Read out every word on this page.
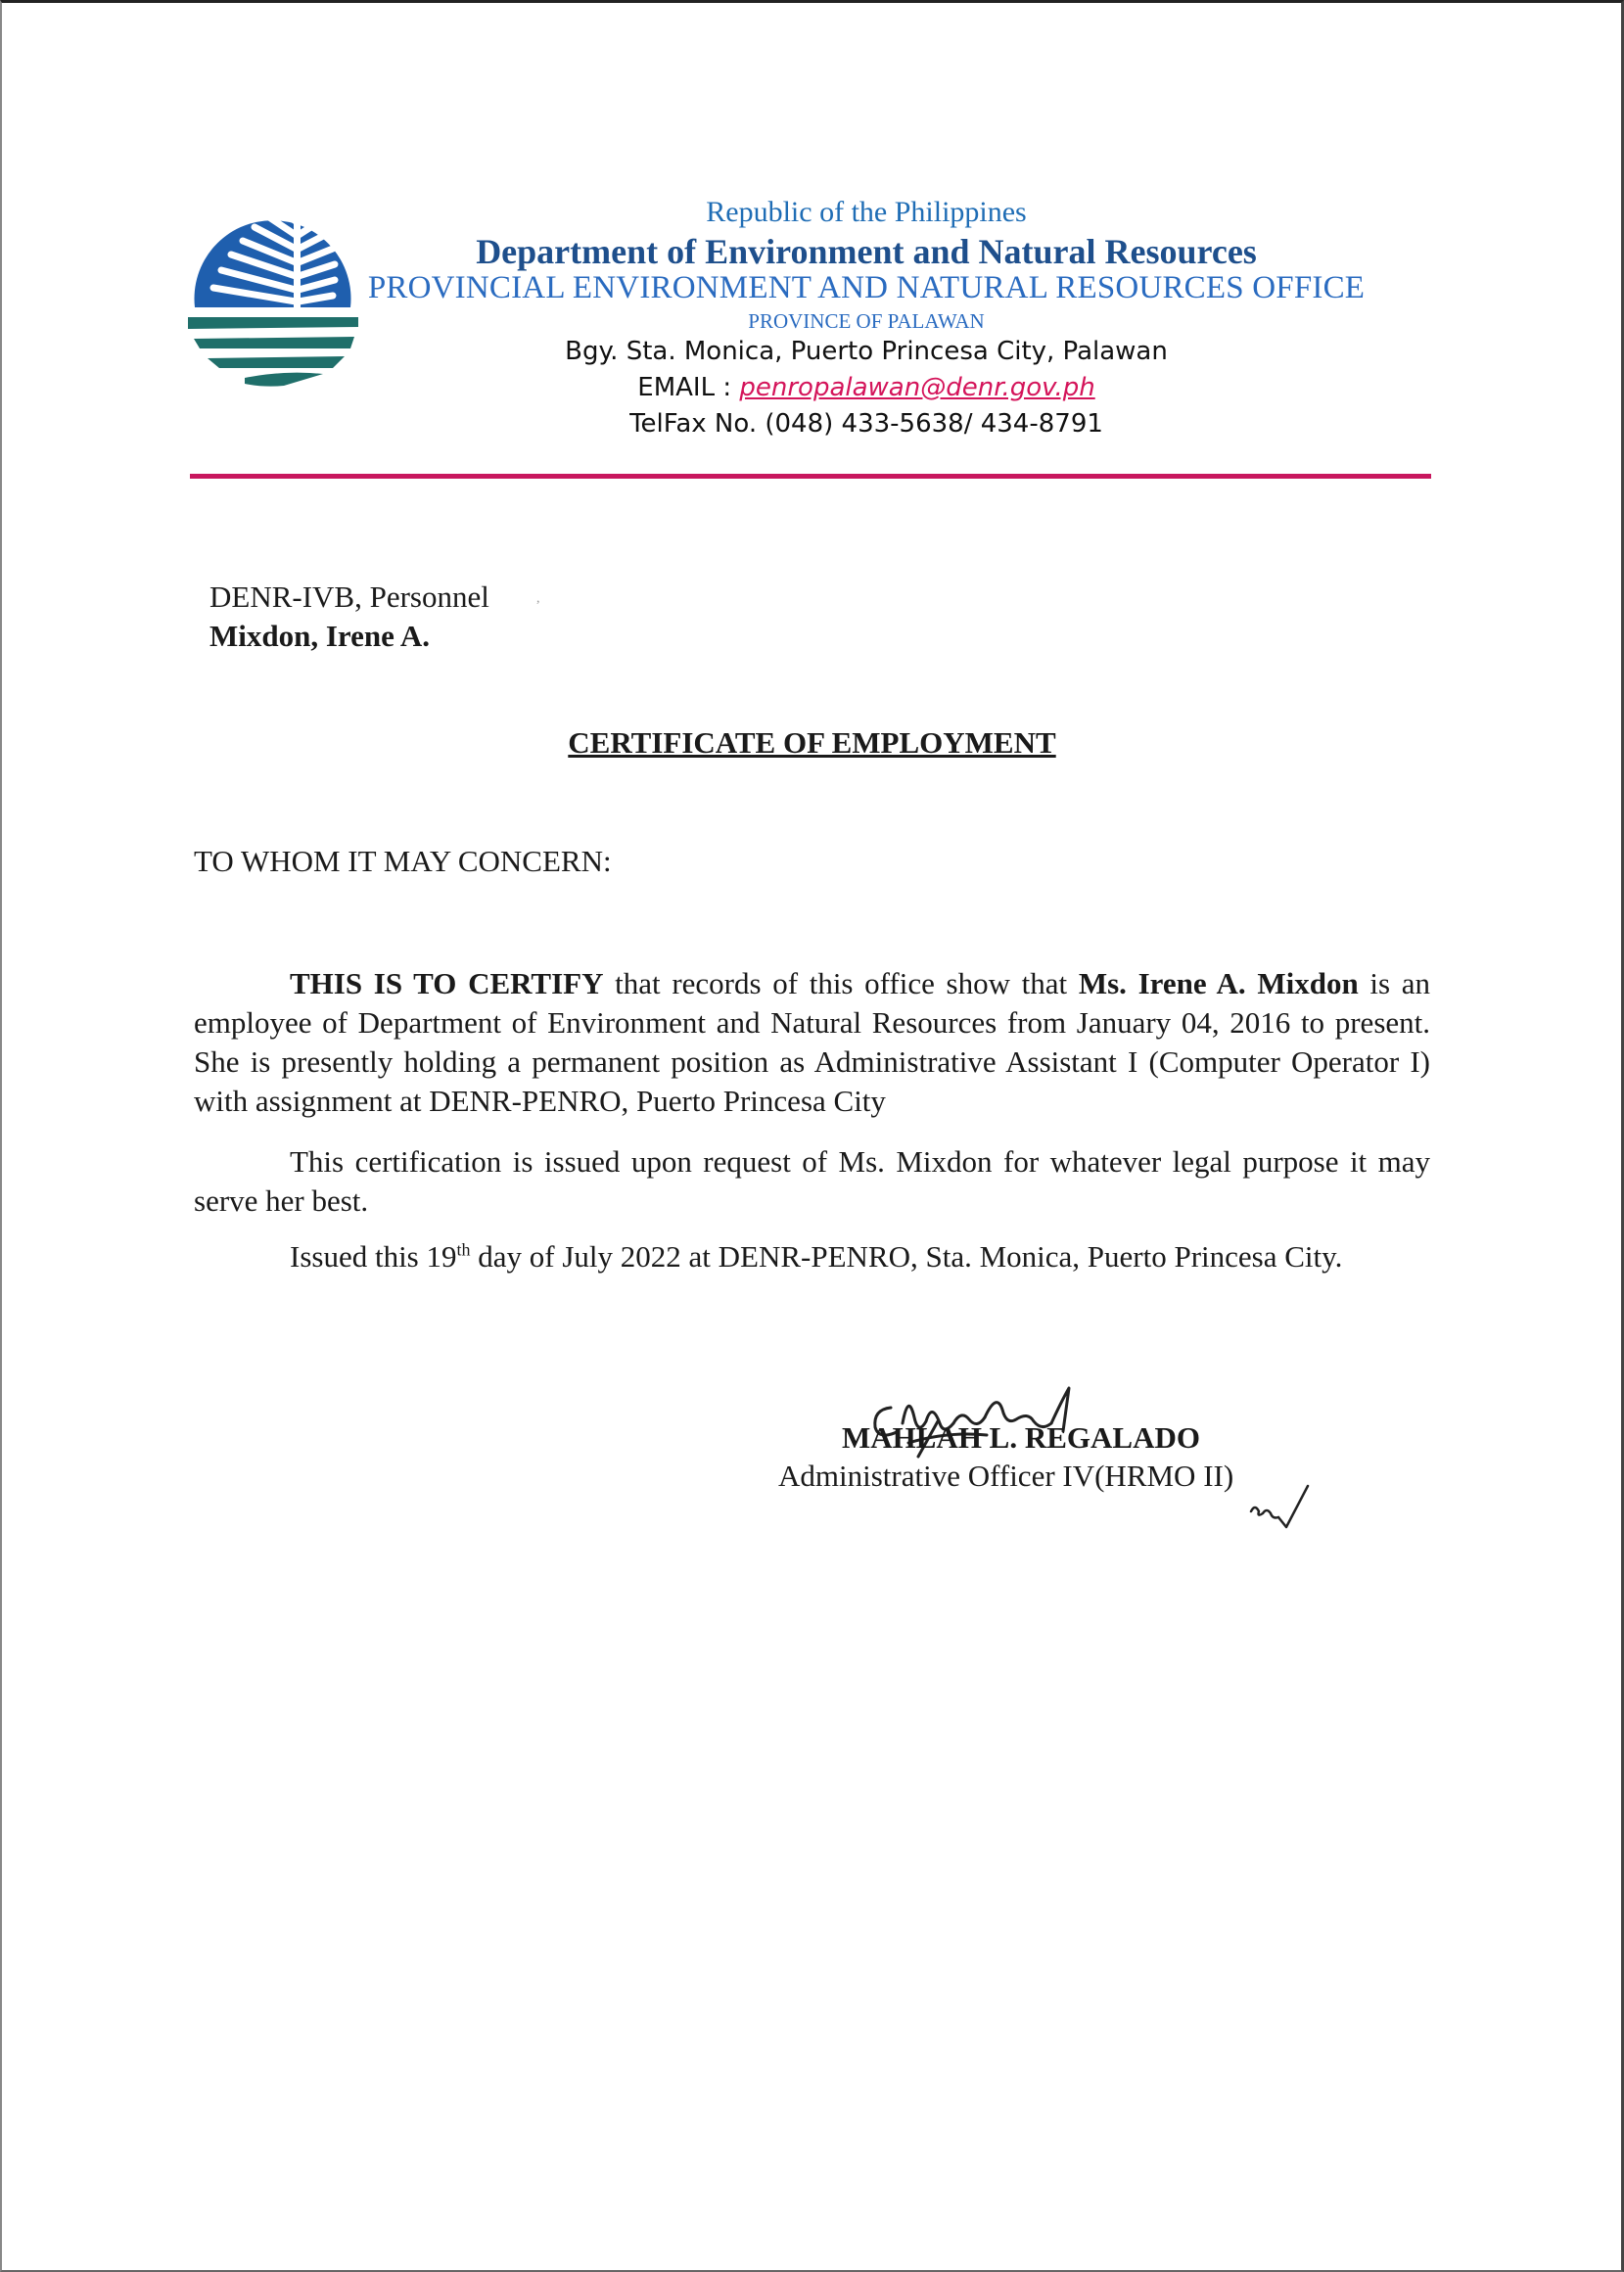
Republic of the Philippines
Department of Environment and Natural Resources
PROVINCIAL ENVIRONMENT AND NATURAL RESOURCES OFFICE
PROVINCE OF PALAWAN
Bgy. Sta. Monica, Puerto Princesa City, Palawan
EMAIL : penropalawan@denr.gov.ph
TelFax No. (048) 433-5638/ 434-8791
DENR-IVB, Personnel	,
Mixdon, Irene A.
CERTIFICATE OF EMPLOYMENT
TO WHOM IT MAY CONCERN:
THIS IS TO CERTIFY that records of this office show that Ms. Irene A. Mixdon is an employee of Department of Environment and Natural Resources from January 04, 2016 to present. She is presently holding a permanent position as Administrative Assistant I (Computer Operator I) with assignment at DENR-PENRO, Puerto Princesa City
This certification is issued upon request of Ms. Mixdon for whatever legal purpose it may serve her best.
Issued this 19th day of July 2022 at DENR-PENRO, Sta. Monica, Puerto Princesa City.
MAHLAH L. REGALADO
Administrative Officer IV(HRMO II)
